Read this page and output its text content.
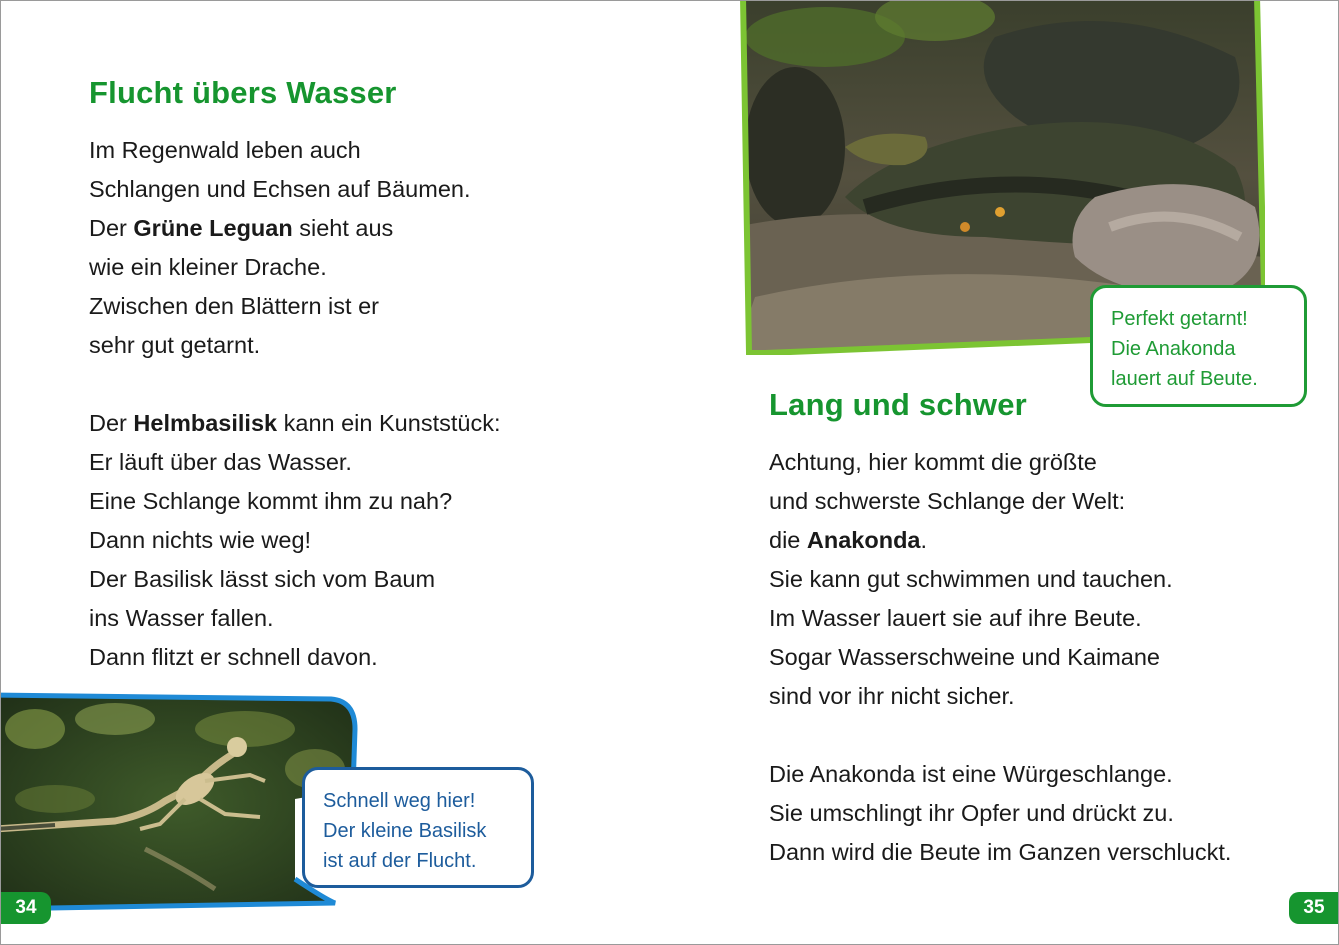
Flucht übers Wasser
Im Regenwald leben auch
Schlangen und Echsen auf Bäumen.
Der Grüne Leguan sieht aus
wie ein kleiner Drache.
Zwischen den Blättern ist er
sehr gut getarnt.
Der Helmbasilisk kann ein Kunststück:
Er läuft über das Wasser.
Eine Schlange kommt ihm zu nah?
Dann nichts wie weg!
Der Basilisk lässt sich vom Baum
ins Wasser fallen.
Dann flitzt er schnell davon.
Schnell weg hier!
Der kleine Basilisk
ist auf der Flucht.
34
Perfekt getarnt!
Die Anakonda
lauert auf Beute.
Lang und schwer
Achtung, hier kommt die größte
und schwerste Schlange der Welt:
die Anakonda.
Sie kann gut schwimmen und tauchen.
Im Wasser lauert sie auf ihre Beute.
Sogar Wasserschweine und Kaimane
sind vor ihr nicht sicher.
Die Anakonda ist eine Würgeschlange.
Sie umschlingt ihr Opfer und drückt zu.
Dann wird die Beute im Ganzen verschluckt.
35
